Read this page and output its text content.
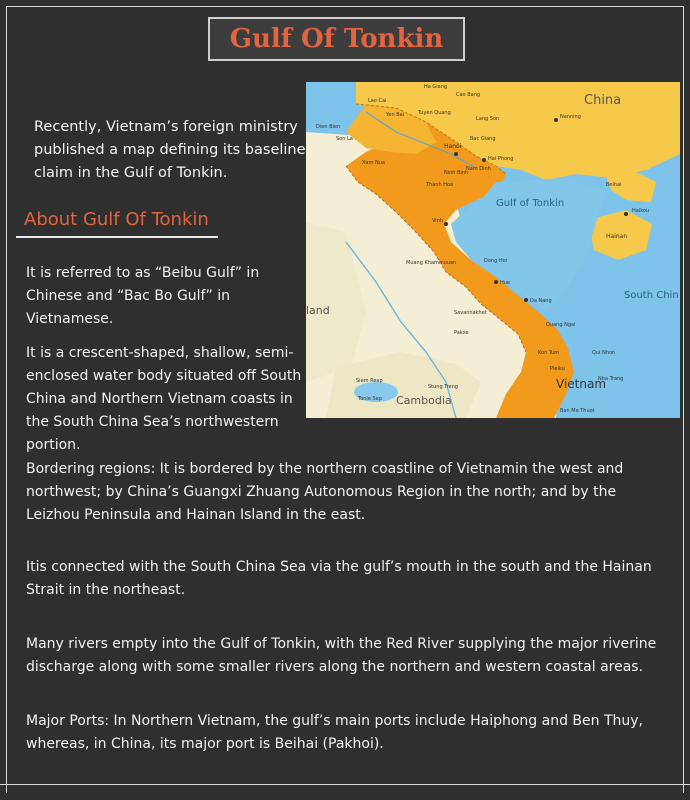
Gulf Of Tonkin
Recently, Vietnam’s foreign ministry published a map defining its baseline claim in the Gulf of Tonkin.
About Gulf Of Tonkin
It is referred to as “Beibu Gulf” in Chinese and “Bac Bo Gulf” in Vietnamese.
It is a crescent-shaped, shallow, semi-enclosed water body situated off South China and Northern Vietnam coasts in the South China Sea’s northwestern portion.
Bordering regions: It is bordered by the northern coastline of Vietnamin the west and northwest; by China’s Guangxi Zhuang Autonomous Region in the north; and by the Leizhou Peninsula and Hainan Island in the east.
Itis connected with the South China Sea via the gulf’s mouth in the south and the Hainan Strait in the northeast.
Many rivers empty into the Gulf of Tonkin, with the Red River supplying the major riverine discharge along with some smaller rivers along the northern and western coastal areas.
Major Ports: In Northern Vietnam, the gulf’s main ports include Haiphong and Ben Thuy, whereas, in China, its major port is Beihai (Pakhoi).
China
Gulf of Tonkin
South Chin
Vietnam
Cambodia
land
Hanoi
Hai Phong
Vinh
Hue
Da Nang
Lao Cai
Ha Giang
Cao Bang
Son La
Thanh Hoa
Dong Hoi
Muang Khammouan
Savannakhet
Pakxe
Kon Tum
Pleiku
Qui Nhon
Nha Trang
Ban Me Thuot
Stung Treng
Siem Reap
Tonle Sap
Hainan
Haikou
Nanning
Beihai
Xam Nua
Yen Bai	Tuyen Quang
Lang Son
Ninh Binh
Nam Dinh
Quang Ngai
Dien Bien
Bac Giang
